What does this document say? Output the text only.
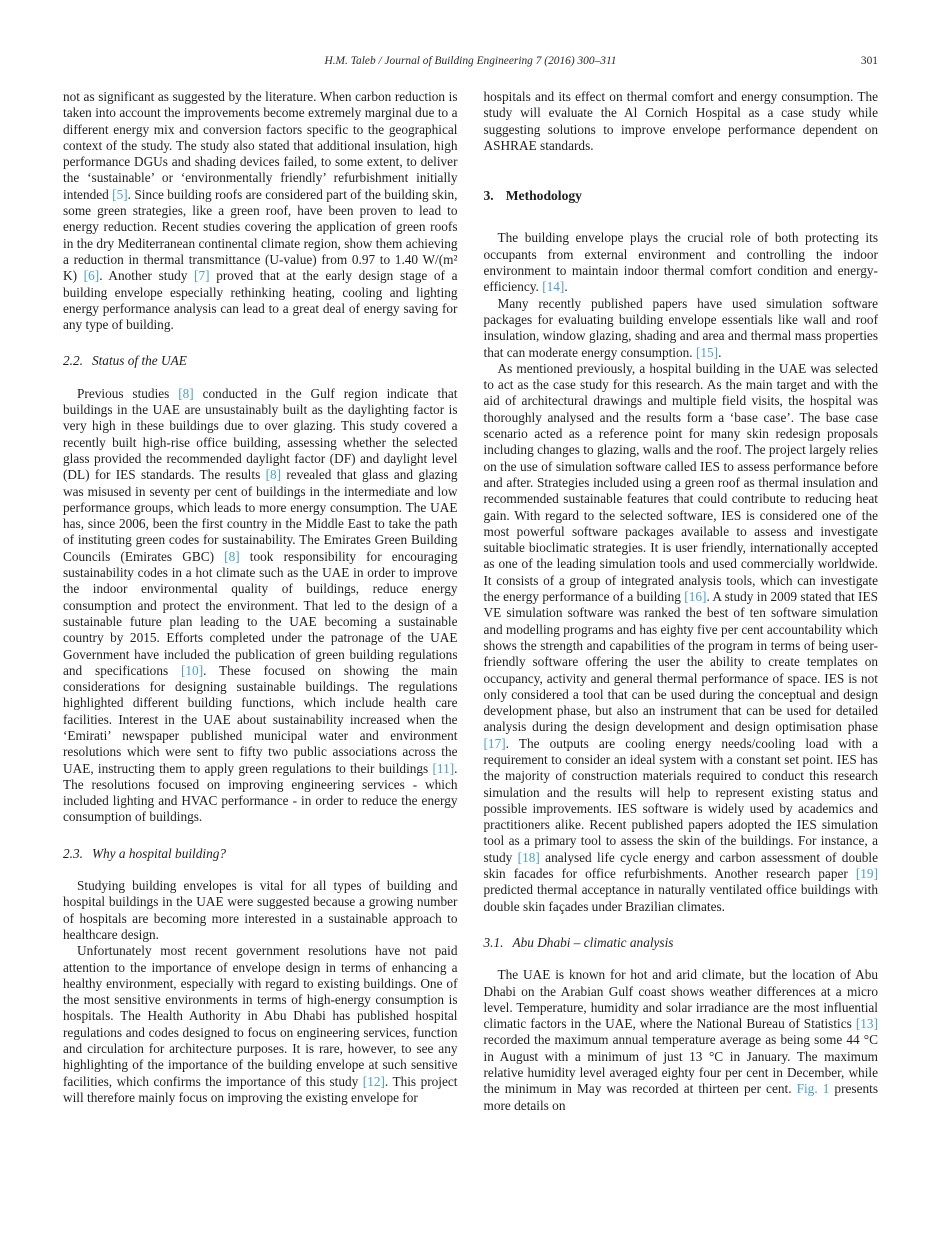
H.M. Taleb / Journal of Building Engineering 7 (2016) 300–311	301

not as significant as suggested by the literature. When carbon reduction is taken into account the improvements become extremely marginal due to a different energy mix and conversion factors specific to the geographical context of the study. The study also stated that additional insulation, high performance DGUs and shading devices failed, to some extent, to deliver the ‘sustainable’ or ‘environmentally friendly’ refurbishment initially intended [5]. Since building roofs are considered part of the building skin, some green strategies, like a green roof, have been proven to lead to energy reduction. Recent studies covering the application of green roofs in the dry Mediterranean continental climate region, show them achieving a reduction in thermal transmittance (U-value) from 0.97 to 1.40 W/(m² K) [6]. Another study [7] proved that at the early design stage of a building envelope especially rethinking heating, cooling and lighting energy performance analysis can lead to a great deal of energy saving for any type of building.

2.2. Status of the UAE

Previous studies [8] conducted in the Gulf region indicate that buildings in the UAE are unsustainably built as the daylighting factor is very high in these buildings due to over glazing. This study covered a recently built high-rise office building, assessing whether the selected glass provided the recommended daylight factor (DF) and daylight level (DL) for IES standards. The results [8] revealed that glass and glazing was misused in seventy per cent of buildings in the intermediate and low performance groups, which leads to more energy consumption. The UAE has, since 2006, been the first country in the Middle East to take the path of instituting green codes for sustainability. The Emirates Green Building Councils (Emirates GBC) [8] took responsibility for encouraging sustainability codes in a hot climate such as the UAE in order to improve the indoor environmental quality of buildings, reduce energy consumption and protect the environment. That led to the design of a sustainable future plan leading to the UAE becoming a sustainable country by 2015. Efforts completed under the patronage of the UAE Government have included the publication of green building regulations and specifications [10]. These focused on showing the main considerations for designing sustainable buildings. The regulations highlighted different building functions, which include health care facilities. Interest in the UAE about sustainability increased when the ‘Emirati’ newspaper published municipal water and environment resolutions which were sent to fifty two public associations across the UAE, instructing them to apply green regulations to their buildings [11]. The resolutions focused on improving engineering services - which included lighting and HVAC performance - in order to reduce the energy consumption of buildings.

2.3. Why a hospital building?

Studying building envelopes is vital for all types of building and hospital buildings in the UAE were suggested because a growing number of hospitals are becoming more interested in a sustainable approach to healthcare design.

Unfortunately most recent government resolutions have not paid attention to the importance of envelope design in terms of enhancing a healthy environment, especially with regard to existing buildings. One of the most sensitive environments in terms of high-energy consumption is hospitals. The Health Authority in Abu Dhabi has published hospital regulations and codes designed to focus on engineering services, function and circulation for architecture purposes. It is rare, however, to see any highlighting of the importance of the building envelope at such sensitive facilities, which confirms the importance of this study [12]. This project will therefore mainly focus on improving the existing envelope for

hospitals and its effect on thermal comfort and energy consumption. The study will evaluate the Al Cornich Hospital as a case study while suggesting solutions to improve envelope performance dependent on ASHRAE standards.

3. Methodology

The building envelope plays the crucial role of both protecting its occupants from external environment and controlling the indoor environment to maintain indoor thermal comfort condition and energy-efficiency. [14].

Many recently published papers have used simulation software packages for evaluating building envelope essentials like wall and roof insulation, window glazing, shading and area and thermal mass properties that can moderate energy consumption. [15].

As mentioned previously, a hospital building in the UAE was selected to act as the case study for this research. As the main target and with the aid of architectural drawings and multiple field visits, the hospital was thoroughly analysed and the results form a ‘base case’. The base case scenario acted as a reference point for many skin redesign proposals including changes to glazing, walls and the roof. The project largely relies on the use of simulation software called IES to assess performance before and after. Strategies included using a green roof as thermal insulation and recommended sustainable features that could contribute to reducing heat gain. With regard to the selected software, IES is considered one of the most powerful software packages available to assess and investigate suitable bioclimatic strategies. It is user friendly, internationally accepted as one of the leading simulation tools and used commercially worldwide. It consists of a group of integrated analysis tools, which can investigate the energy performance of a building [16]. A study in 2009 stated that IES VE simulation software was ranked the best of ten software simulation and modelling programs and has eighty five per cent accountability which shows the strength and capabilities of the program in terms of being user-friendly software offering the user the ability to create templates on occupancy, activity and general thermal performance of space. IES is not only considered a tool that can be used during the conceptual and design development phase, but also an instrument that can be used for detailed analysis during the design development and design optimisation phase [17]. The outputs are cooling energy needs/cooling load with a requirement to consider an ideal system with a constant set point. IES has the majority of construction materials required to conduct this research simulation and the results will help to represent existing status and possible improvements. IES software is widely used by academics and practitioners alike. Recent published papers adopted the IES simulation tool as a primary tool to assess the skin of the buildings. For instance, a study [18] analysed life cycle energy and carbon assessment of double skin facades for office refurbishments. Another research paper [19] predicted thermal acceptance in naturally ventilated office buildings with double skin façades under Brazilian climates.

3.1. Abu Dhabi – climatic analysis

The UAE is known for hot and arid climate, but the location of Abu Dhabi on the Arabian Gulf coast shows weather differences at a micro level. Temperature, humidity and solar irradiance are the most influential climatic factors in the UAE, where the National Bureau of Statistics [13] recorded the maximum annual temperature average as being some 44 °C in August with a minimum of just 13 °C in January. The maximum relative humidity level averaged eighty four per cent in December, while the minimum in May was recorded at thirteen per cent. Fig. 1 presents more details on
